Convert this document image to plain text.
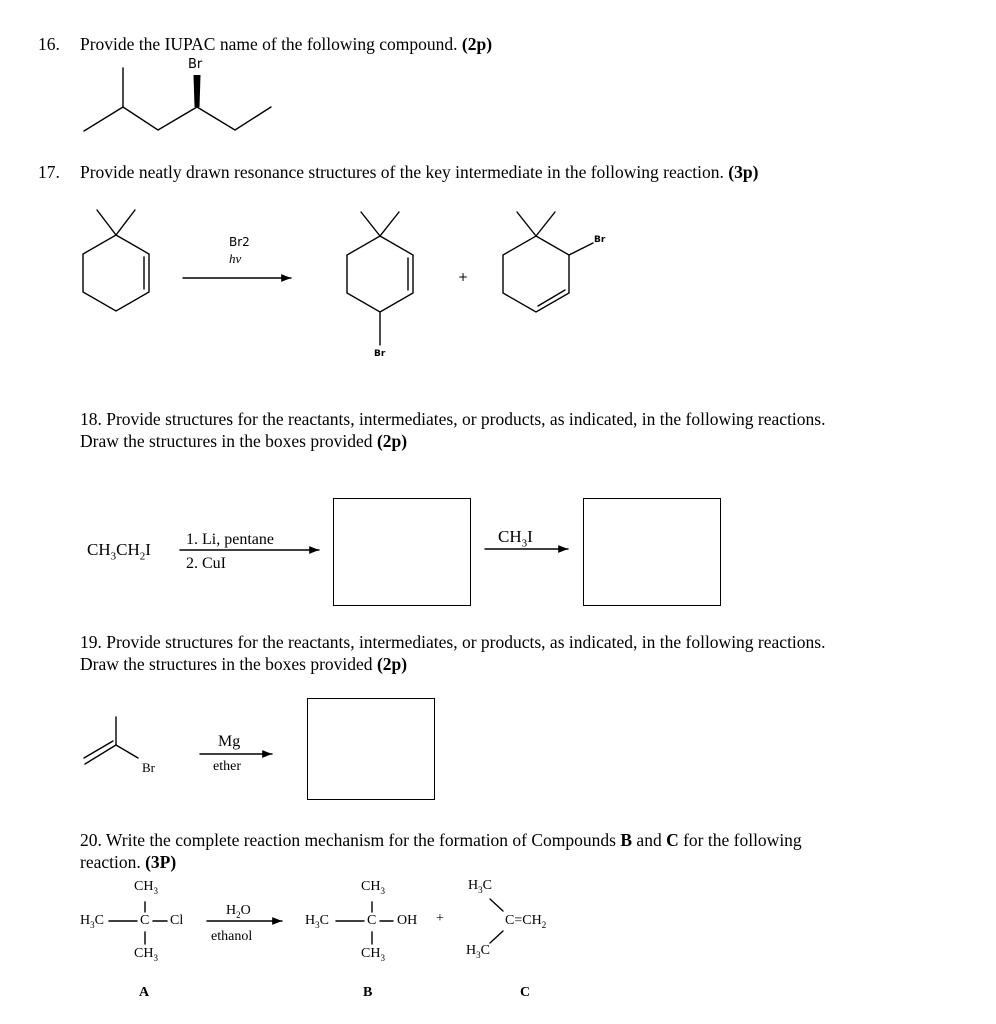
16. Provide the IUPAC name of the following compound. (2p)
17. Provide neatly drawn resonance structures of the key intermediate in the following reaction. (3p)
18. Provide structures for the reactants, intermediates, or products, as indicated, in the following reactions.
Draw the structures in the boxes provided (2p)
19. Provide structures for the reactants, intermediates, or products, as indicated, in the following reactions.
Draw the structures in the boxes provided (2p)
20. Write the complete reaction mechanism for the formation of Compounds B and C for the following
reaction. (3P)
Br
Br2
hν
+
Br
Br
$CH_3CH_2I$
1. Li, pentane
2. CuI
$CH_3I$
Br
Mg
ether
$CH_3$
$H_3C$	C Cl
$CH_3$
$H_2O$
ethanol
$CH_3$
$H_3C$	C OH
$CH_3$
+
$H_3C$
$C=CH_2$
$H_3C$
A	B	C
